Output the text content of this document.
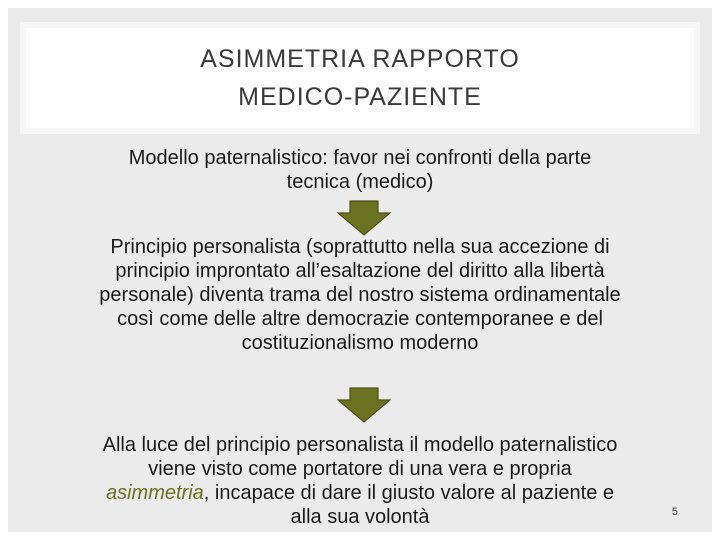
ASIMMETRIA RAPPORTO
MEDICO-PAZIENTE
Modello paternalistico: favor nei confronti della parte
tecnica (medico)
Principio personalista (soprattutto nella sua accezione di
principio improntato all’esaltazione del diritto alla libertà
personale) diventa trama del nostro sistema ordinamentale
così come delle altre democrazie contemporanee e del
costituzionalismo moderno
Alla luce del principio personalista il modello paternalistico
viene visto come portatore di una vera e propria
asimmetria, incapace di dare il giusto valore al paziente e
alla sua volontà	5
